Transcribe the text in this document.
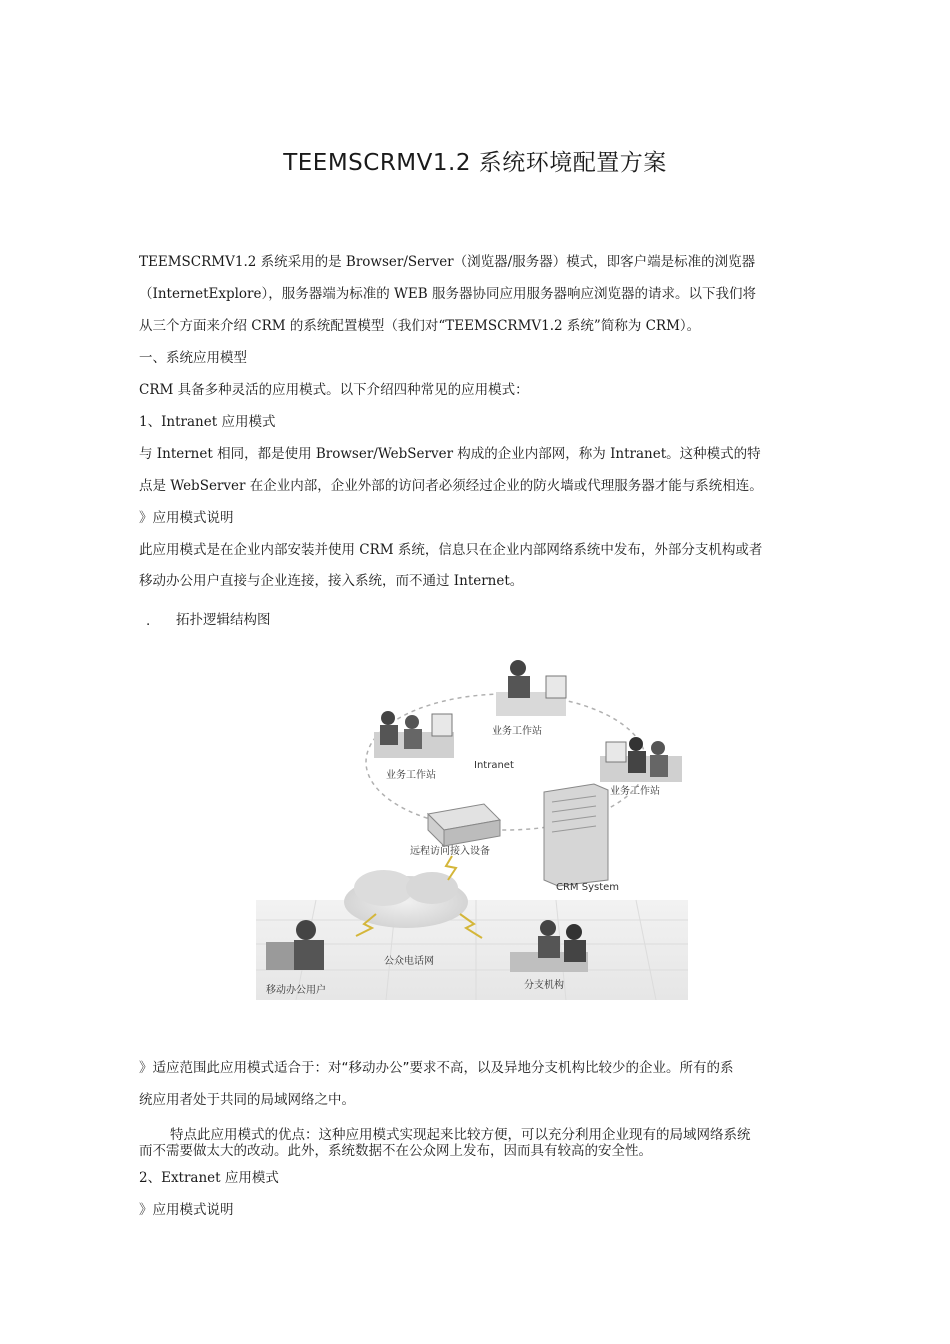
TEEMSCRMV1.2 系统环境配置方案
TEEMSCRMV1.2 系统采用的是 Browser/Server（浏览器/服务器）模式，即客户端是标准的浏览器
（InternetExplore），服务器端为标准的 WEB 服务器协同应用服务器响应浏览器的请求。以下我们将
从三个方面来介绍 CRM 的系统配置模型（我们对“TEEMSCRMV1.2 系统”简称为 CRM）。
一、系统应用模型
CRM 具备多种灵活的应用模式。以下介绍四种常见的应用模式：
1、Intranet 应用模式
与 Internet 相同，都是使用 Browser/WebServer 构成的企业内部网，称为 Intranet。这种模式的特
点是 WebServer 在企业内部，企业外部的访问者必须经过企业的防火墙或代理服务器才能与系统相连。
》应用模式说明
此应用模式是在企业内部安装并使用 CRM 系统，信息只在企业内部网络系统中发布，外部分支机构或者
移动办公用户直接与企业连接，接入系统，而不通过 Internet。
.	拓扑逻辑结构图
Intranet
业务工作站
业务工作站
业务工作站
CRM System
远程访问接入设备
移动办公用户
公众电话网
分支机构
》适应范围此应用模式适合于：对“移动办公”要求不高，以及异地分支机构比较少的企业。所有的系
统应用者处于共同的局域网络之中。
特点此应用模式的优点：这种应用模式实现起来比较方便，可以充分利用企业现有的局域网络系统
而不需要做太大的改动。此外，系统数据不在公众网上发布，因而具有较高的安全性。
2、Extranet 应用模式
》应用模式说明
